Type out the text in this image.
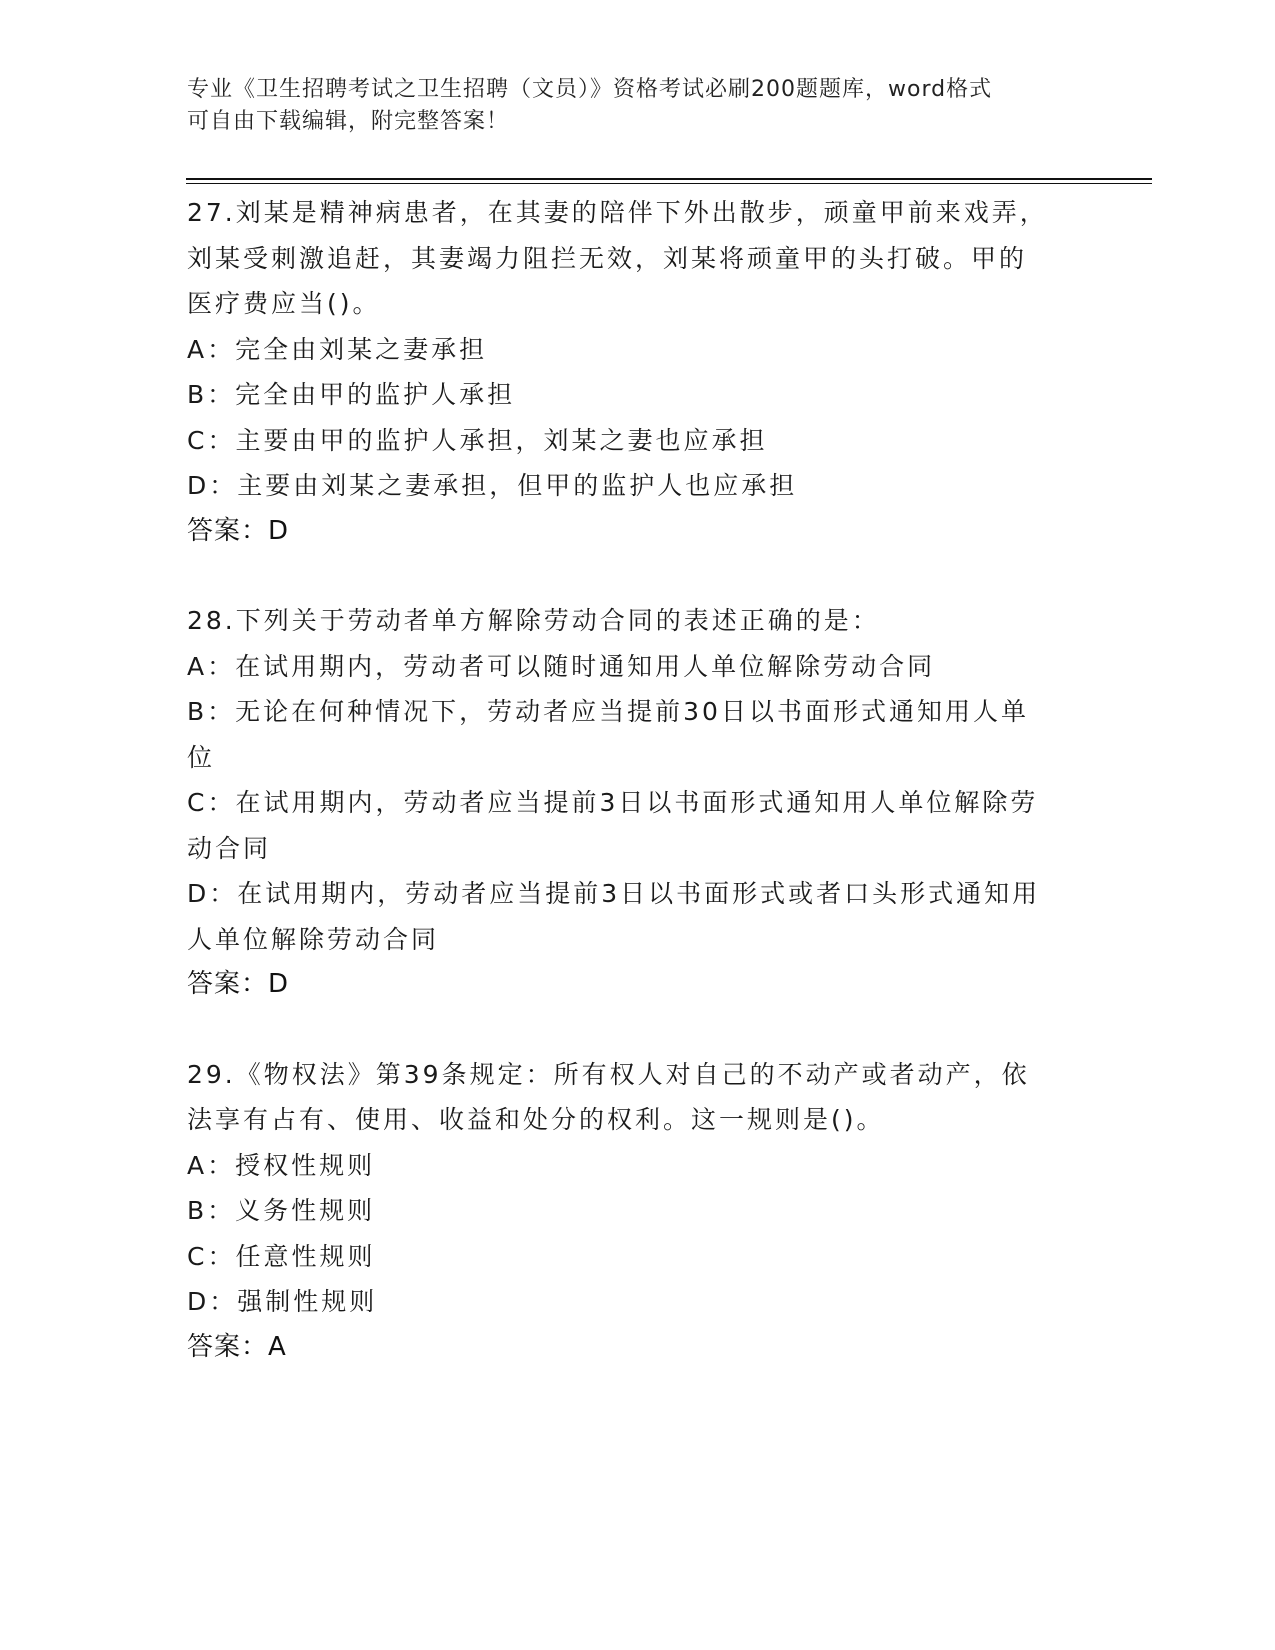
专业《卫生招聘考试之卫生招聘（文员）》资格考试必刷200题题库，word格式
可自由下载编辑，附完整答案！
27.刘某是精神病患者，在其妻的陪伴下外出散步，顽童甲前来戏弄，
刘某受刺激追赶，其妻竭力阻拦无效，刘某将顽童甲的头打破。甲的
医疗费应当()。
A：完全由刘某之妻承担
B：完全由甲的监护人承担
C：主要由甲的监护人承担，刘某之妻也应承担
D：主要由刘某之妻承担，但甲的监护人也应承担
答案：D
28.下列关于劳动者单方解除劳动合同的表述正确的是：
A：在试用期内，劳动者可以随时通知用人单位解除劳动合同
B：无论在何种情况下，劳动者应当提前30日以书面形式通知用人单
位
C：在试用期内，劳动者应当提前3日以书面形式通知用人单位解除劳
动合同
D：在试用期内，劳动者应当提前3日以书面形式或者口头形式通知用
人单位解除劳动合同
答案：D
29.《物权法》第39条规定：所有权人对自己的不动产或者动产，依
法享有占有、使用、收益和处分的权利。这一规则是()。
A：授权性规则
B：义务性规则
C：任意性规则
D：强制性规则
答案：A
